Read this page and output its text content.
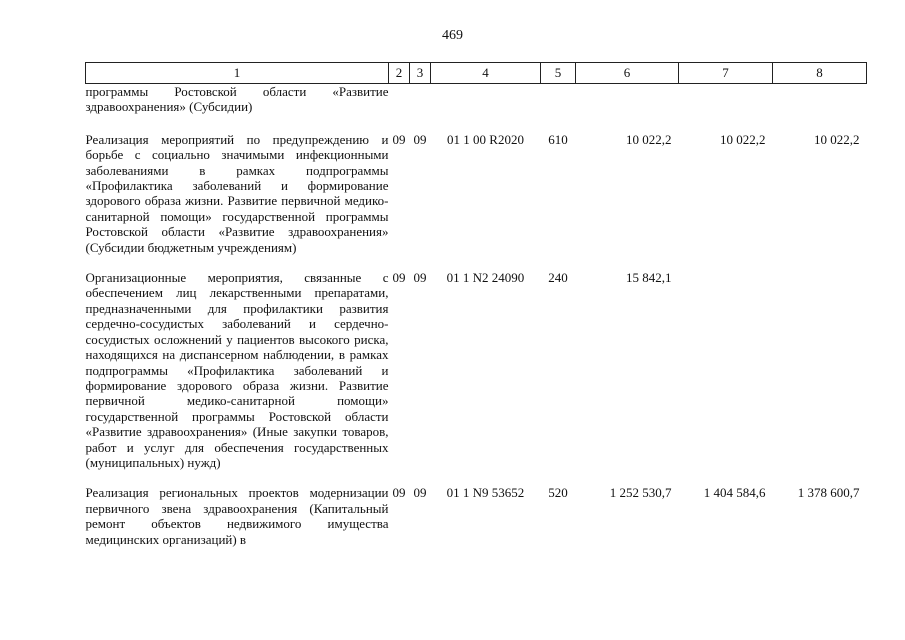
469
1	2	3	4	5	6	7	8

программы Ростовской области «Развитие здравоохранения» (Субсидии)							

Реализация мероприятий по предупреждению и борьбе с социально значимыми инфекционными заболеваниями в рамках подпрограммы «Профилактика заболеваний и формирование здорового образа жизни. Развитие первичной медико-санитарной помощи» государственной программы Ростовской области «Развитие здравоохранения» (Субсидии бюджетным учреждениям)	09	09	01 1 00 R2020	610	10 022,2	10 022,2	10 022,2

Организационные мероприятия, связанные с обеспечением лиц лекарственными препаратами, предназначенными для профилактики развития сердечно-сосудистых заболеваний и сердечно-сосудистых осложнений у пациентов высокого риска, находящихся на диспансерном наблюдении, в рамках подпрограммы «Профилактика заболеваний и формирование здорового образа жизни. Развитие первичной медико-санитарной помощи» государственной программы Ростовской области «Развитие здравоохранения» (Иные закупки товаров, работ и услуг для обеспечения государственных (муниципальных) нужд)	09	09	01 1 N2 24090	240	15 842,1		

Реализация региональных проектов модернизации первичного звена здравоохранения (Капитальный ремонт объектов недвижимого имущества медицинских организаций) в	09	09	01 1 N9 53652	520	1 252 530,7	1 404 584,6	1 378 600,7
